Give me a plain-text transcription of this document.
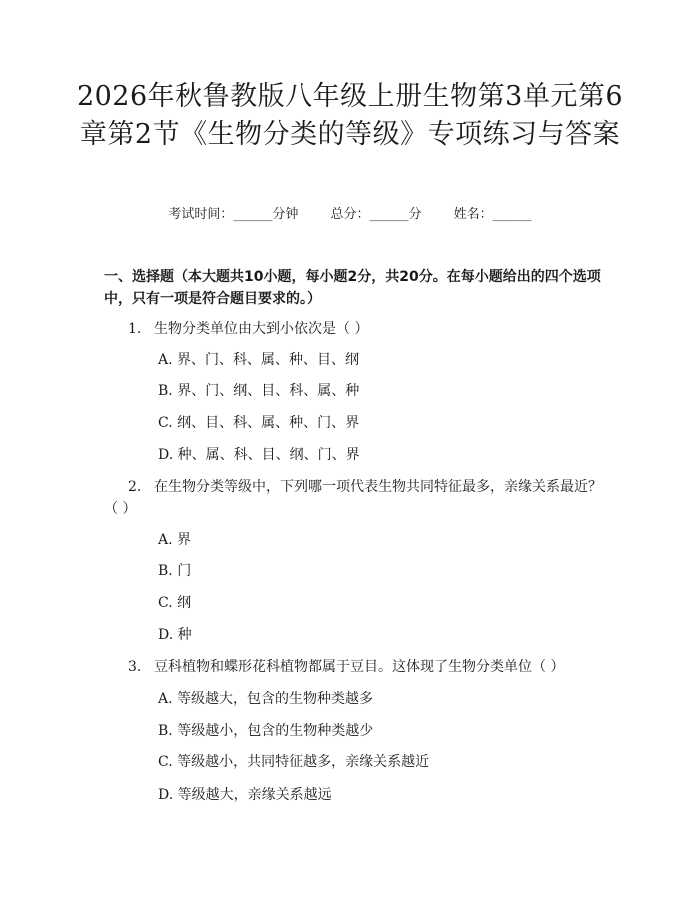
2026年秋鲁教版八年级上册生物第3单元第6章第2节《生物分类的等级》专项练习与答案
考试时间：______分钟 总分：______分 姓名：______
一、选择题（本大题共10小题，每小题2分，共20分。在每小题给出的四个选项中，只有一项是符合题目要求的。）
1. 生物分类单位由大到小依次是（ ）
A. 界、门、科、属、种、目、纲
B. 界、门、纲、目、科、属、种
C. 纲、目、科、属、种、门、界
D. 种、属、科、目、纲、门、界
2. 在生物分类等级中，下列哪一项代表生物共同特征最多，亲缘关系最近？（ ）
A. 界
B. 门
C. 纲
D. 种
3. 豆科植物和蝶形花科植物都属于豆目。这体现了生物分类单位（ ）
A. 等级越大，包含的生物种类越多
B. 等级越小，包含的生物种类越少
C. 等级越小，共同特征越多，亲缘关系越近
D. 等级越大，亲缘关系越远
